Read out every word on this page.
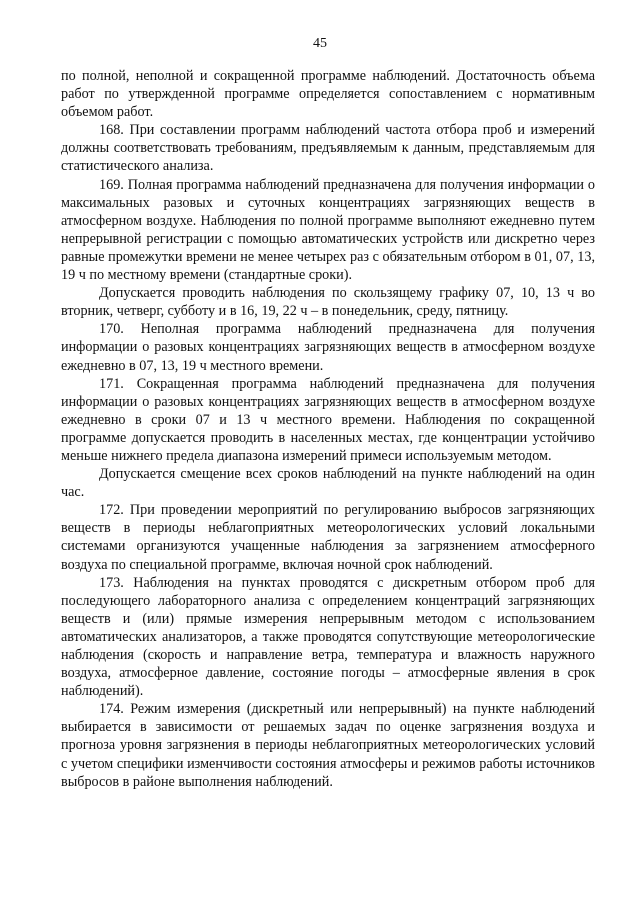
45

по полной, неполной и сокращенной программе наблюдений. Достаточность объема работ по утвержденной программе определяется сопоставлением с нормативным объемом работ.

168. При составлении программ наблюдений частота отбора проб и измерений должны соответствовать требованиям, предъявляемым к данным, представляемым для статистического анализа.

169. Полная программа наблюдений предназначена для получения информации о максимальных разовых и суточных концентрациях загрязняющих веществ в атмосферном воздухе. Наблюдения по полной программе выполняют ежедневно путем непрерывной регистрации с помощью автоматических устройств или дискретно через равные промежутки времени не менее четырех раз с обязательным отбором в 01, 07, 13, 19 ч по местному времени (стандартные сроки).

Допускается проводить наблюдения по скользящему графику 07, 10, 13 ч во вторник, четверг, субботу и в 16, 19, 22 ч – в понедельник, среду, пятницу.

170. Неполная программа наблюдений предназначена для получения информации о разовых концентрациях загрязняющих веществ в атмосферном воздухе ежедневно в 07, 13, 19 ч местного времени.

171. Сокращенная программа наблюдений предназначена для получения информации о разовых концентрациях загрязняющих веществ в атмосферном воздухе ежедневно в сроки 07 и 13 ч местного времени. Наблюдения по сокращенной программе допускается проводить в населенных местах, где концентрации устойчиво меньше нижнего предела диапазона измерений примеси используемым методом.

Допускается смещение всех сроков наблюдений на пункте наблюдений на один час.

172. При проведении мероприятий по регулированию выбросов загрязняющих веществ в периоды неблагоприятных метеорологических условий локальными системами организуются учащенные наблюдения за загрязнением атмосферного воздуха по специальной программе, включая ночной срок наблюдений.

173. Наблюдения на пунктах проводятся с дискретным отбором проб для последующего лабораторного анализа с определением концентраций загрязняющих веществ и (или) прямые измерения непрерывным методом с использованием автоматических анализаторов, а также проводятся сопутствующие метеорологические наблюдения (скорость и направление ветра, температура и влажность наружного воздуха, атмосферное давление, состояние погоды – атмосферные явления в срок наблюдений).

174. Режим измерения (дискретный или непрерывный) на пункте наблюдений выбирается в зависимости от решаемых задач по оценке загрязнения воздуха и прогноза уровня загрязнения в периоды неблагоприятных метеорологических условий с учетом специфики изменчивости состояния атмосферы и режимов работы источников выбросов в районе выполнения наблюдений.
